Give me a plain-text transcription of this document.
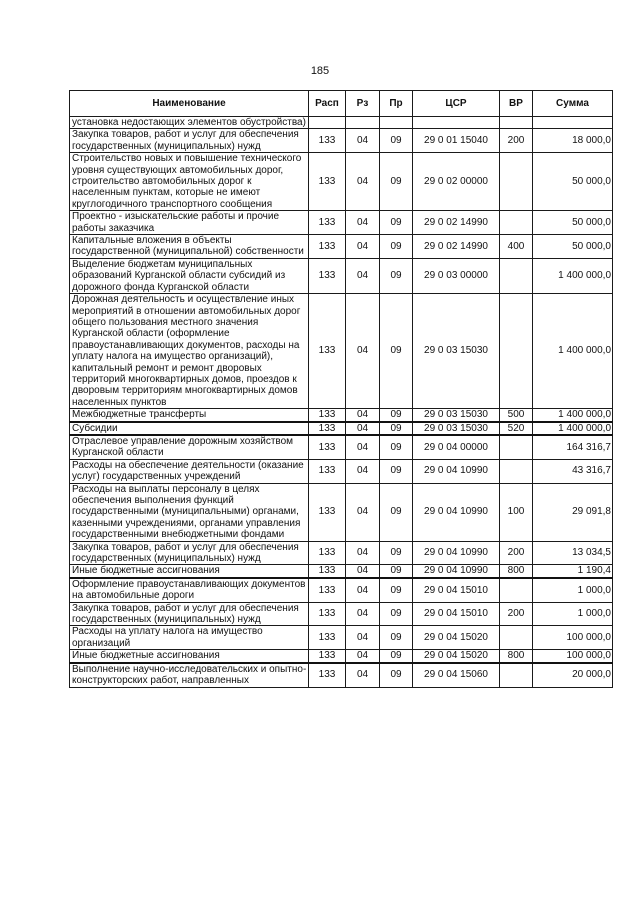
185
Наименование	Расп	Рз	Пр	ЦСР	ВР	Сумма
установка недостающих элементов обустройства)						
Закупка товаров, работ и услуг для обеспечения государственных (муниципальных) нужд	133	04	09	29 0 01 15040	200	18 000,0
Строительство новых и повышение технического уровня существующих автомобильных дорог, строительство автомобильных дорог к населенным пунктам, которые не имеют круглогодичного транспортного сообщения	133	04	09	29 0 02 00000		50 000,0
Проектно - изыскательские работы и прочие работы заказчика	133	04	09	29 0 02 14990		50 000,0
Капитальные вложения в объекты государственной (муниципальной) собственности	133	04	09	29 0 02 14990	400	50 000,0
Выделение бюджетам муниципальных образований Курганской области субсидий из дорожного фонда Курганской области	133	04	09	29 0 03 00000		1 400 000,0
Дорожная деятельность и осуществление иных мероприятий в отношении автомобильных дорог общего пользования местного значения Курганской области (оформление правоустанавливающих документов, расходы на уплату налога на имущество организаций), капитальный ремонт и ремонт дворовых территорий многоквартирных домов, проездов к дворовым территориям многоквартирных домов населенных пунктов	133	04	09	29 0 03 15030		1 400 000,0
Межбюджетные трансферты	133	04	09	29 0 03 15030	500	1 400 000,0
Субсидии	133	04	09	29 0 03 15030	520	1 400 000,0
Отраслевое управление дорожным хозяйством Курганской области	133	04	09	29 0 04 00000		164 316,7
Расходы на обеспечение деятельности (оказание услуг) государственных учреждений	133	04	09	29 0 04 10990		43 316,7
Расходы на выплаты персоналу в целях обеспечения выполнения функций государственными (муниципальными) органами, казенными учреждениями, органами управления государственными внебюджетными фондами	133	04	09	29 0 04 10990	100	29 091,8
Закупка товаров, работ и услуг для обеспечения государственных (муниципальных) нужд	133	04	09	29 0 04 10990	200	13 034,5
Иные бюджетные ассигнования	133	04	09	29 0 04 10990	800	1 190,4
Оформление правоустанавливающих документов на автомобильные дороги	133	04	09	29 0 04 15010		1 000,0
Закупка товаров, работ и услуг для обеспечения государственных (муниципальных) нужд	133	04	09	29 0 04 15010	200	1 000,0
Расходы на уплату налога на имущество организаций	133	04	09	29 0 04 15020		100 000,0
Иные бюджетные ассигнования	133	04	09	29 0 04 15020	800	100 000,0
Выполнение научно-исследовательских и опытно-конструкторских работ, направленных	133	04	09	29 0 04 15060		20 000,0
